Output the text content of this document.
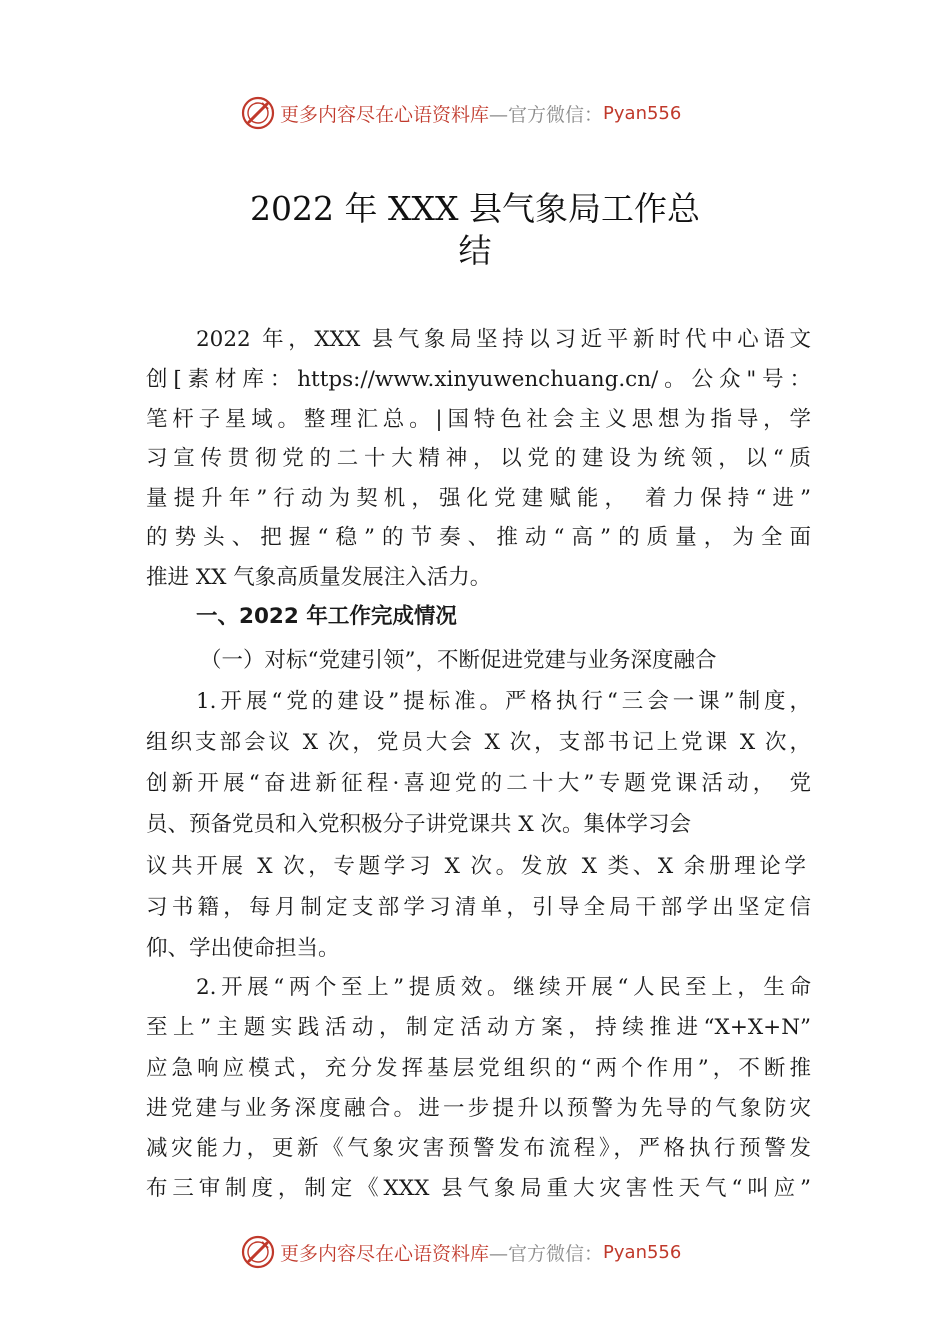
更多内容尽在心语资料库 —官方微信： Pyan556
2022 年 XXX 县气象局工作总
结
2022 年，XXX 县气象局坚持以习近平新时代中心语文
创[素材库：https://www.xinyuwenchuang.cn/。公众"号：
笔杆子星域。整理汇总。|国特色社会主义思想为指导，学
习宣传贯彻党的二十大精神，以党的建设为统领，以“质
量提升年”行动为契机，强化党建赋能， 着力保持“进”
的势头、把握“稳”的节奏、推动“高”的质量，为全面
推进 XX 气象高质量发展注入活力。
一、2022 年工作完成情况
（一）对标“党建引领”，不断促进党建与业务深度融合
1.开展“党的建设”提标准。严格执行“三会一课”制度，
组织支部会议 X 次，党员大会 X 次，支部书记上党课 X 次，
创新开展“奋进新征程·喜迎党的二十大”专题党课活动， 党
员、预备党员和入党积极分子讲党课共 X 次。集体学习会
议共开展 X 次，专题学习 X 次。发放 X 类、X 余册理论学
习书籍，每月制定支部学习清单，引导全局干部学出坚定信
仰、学出使命担当。
2.开展“两个至上”提质效。继续开展“人民至上，生命
至上”主题实践活动，制定活动方案，持续推进“X+X+N”
应急响应模式，充分发挥基层党组织的“两个作用”，不断推
进党建与业务深度融合。进一步提升以预警为先导的气象防灾
减灾能力，更新《气象灾害预警发布流程》，严格执行预警发
布三审制度，制定《XXX 县气象局重大灾害性天气“叫应”
更多内容尽在心语资料库 —官方微信： Pyan556
